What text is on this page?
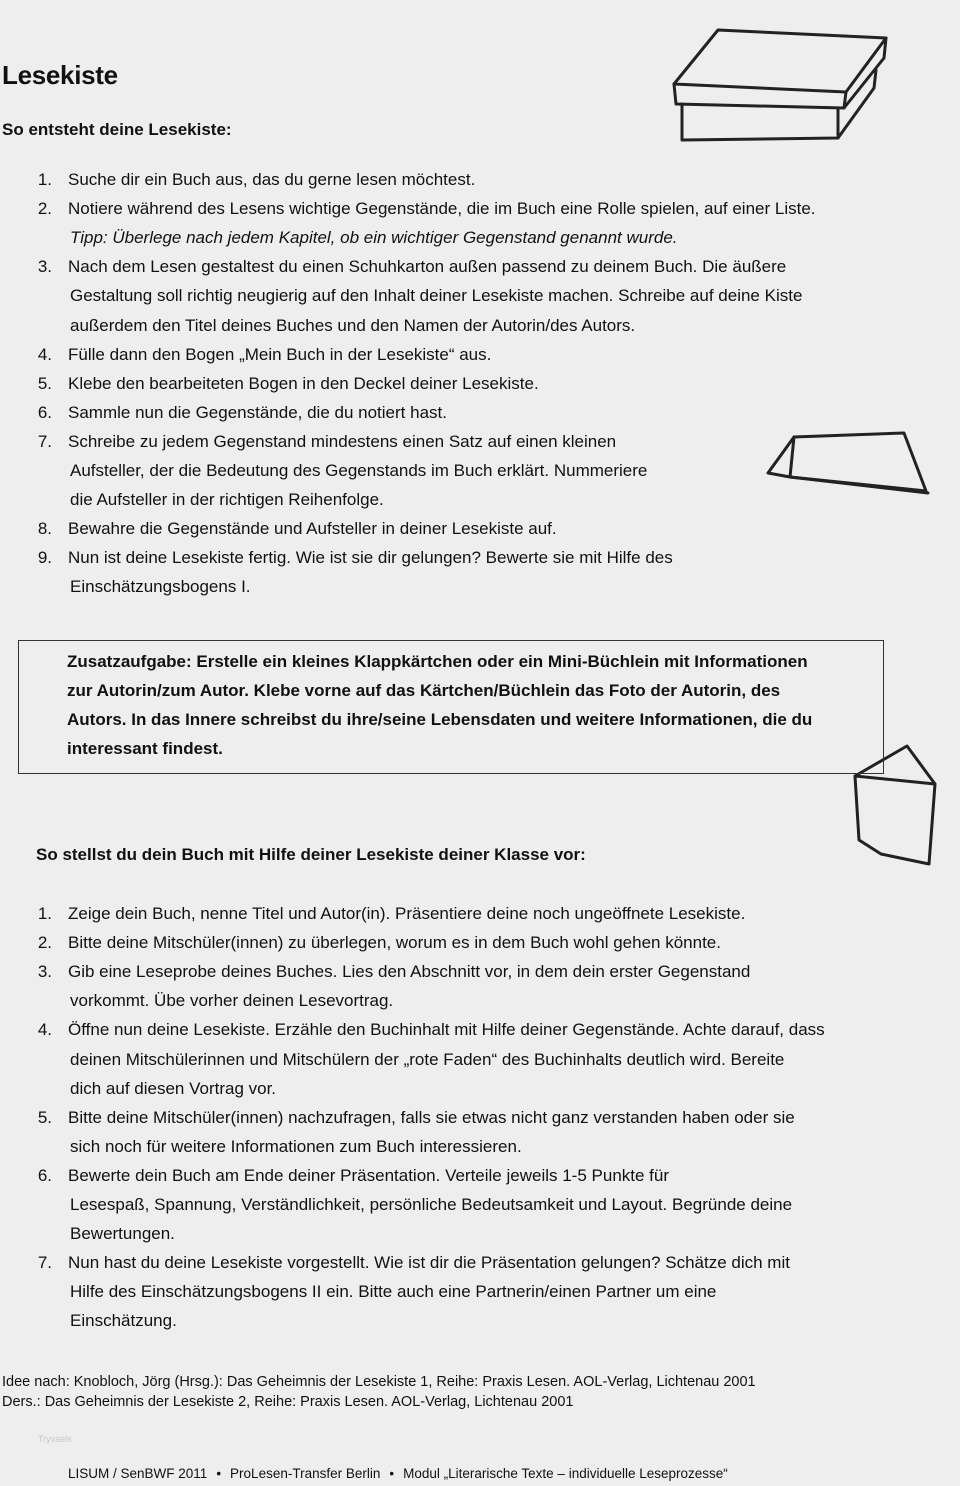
Lesekiste
So entsteht deine Lesekiste:
1. Suche dir ein Buch aus, das du gerne lesen möchtest.
2. Notiere während des Lesens wichtige Gegenstände, die im Buch eine Rolle spielen, auf einer Liste.
Tipp: Überlege nach jedem Kapitel, ob ein wichtiger Gegenstand genannt wurde.
3. Nach dem Lesen gestaltest du einen Schuhkarton außen passend zu deinem Buch. Die äußere
Gestaltung soll richtig neugierig auf den Inhalt deiner Lesekiste machen. Schreibe auf deine Kiste
außerdem den Titel deines Buches und den Namen der Autorin/des Autors.
4. Fülle dann den Bogen „Mein Buch in der Lesekiste“ aus.
5. Klebe den bearbeiteten Bogen in den Deckel deiner Lesekiste.
6. Sammle nun die Gegenstände, die du notiert hast.
7. Schreibe zu jedem Gegenstand mindestens einen Satz auf einen kleinen
Aufsteller, der die Bedeutung des Gegenstands im Buch erklärt. Nummeriere
die Aufsteller in der richtigen Reihenfolge.
8. Bewahre die Gegenstände und Aufsteller in deiner Lesekiste auf.
9. Nun ist deine Lesekiste fertig. Wie ist sie dir gelungen? Bewerte sie mit Hilfe des
Einschätzungsbogens I.
Zusatzaufgabe: Erstelle ein kleines Klappkärtchen oder ein Mini-Büchlein mit Informationen
zur Autorin/zum Autor. Klebe vorne auf das Kärtchen/Büchlein das Foto der Autorin, des
Autors. In das Innere schreibst du ihre/seine Lebensdaten und weitere Informationen, die du
interessant findest.
So stellst du dein Buch mit Hilfe deiner Lesekiste deiner Klasse vor:
1. Zeige dein Buch, nenne Titel und Autor(in). Präsentiere deine noch ungeöffnete Lesekiste.
2. Bitte deine Mitschüler(innen) zu überlegen, worum es in dem Buch wohl gehen könnte.
3. Gib eine Leseprobe deines Buches. Lies den Abschnitt vor, in dem dein erster Gegenstand
vorkommt. Übe vorher deinen Lesevortrag.
4. Öffne nun deine Lesekiste. Erzähle den Buchinhalt mit Hilfe deiner Gegenstände. Achte darauf, dass
deinen Mitschülerinnen und Mitschülern der „rote Faden“ des Buchinhalts deutlich wird. Bereite
dich auf diesen Vortrag vor.
5. Bitte deine Mitschüler(innen) nachzufragen, falls sie etwas nicht ganz verstanden haben oder sie
sich noch für weitere Informationen zum Buch interessieren.
6. Bewerte dein Buch am Ende deiner Präsentation. Verteile jeweils 1-5 Punkte für
Lesespaß, Spannung, Verständlichkeit, persönliche Bedeutsamkeit und Layout. Begründe deine
Bewertungen.
7. Nun hast du deine Lesekiste vorgestellt. Wie ist dir die Präsentation gelungen? Schätze dich mit
Hilfe des Einschätzungsbogens II ein. Bitte auch eine Partnerin/einen Partner um eine
Einschätzung.
Idee nach: Knobloch, Jörg (Hrsg.): Das Geheimnis der Lesekiste 1, Reihe: Praxis Lesen. AOL-Verlag, Lichtenau 2001
Ders.: Das Geheimnis der Lesekiste 2, Reihe: Praxis Lesen. AOL-Verlag, Lichtenau 2001
Tryvaels
LISUM / SenBWF 2011 • ProLesen-Transfer Berlin • Modul „Literarische Texte – individuelle Leseprozesse“
